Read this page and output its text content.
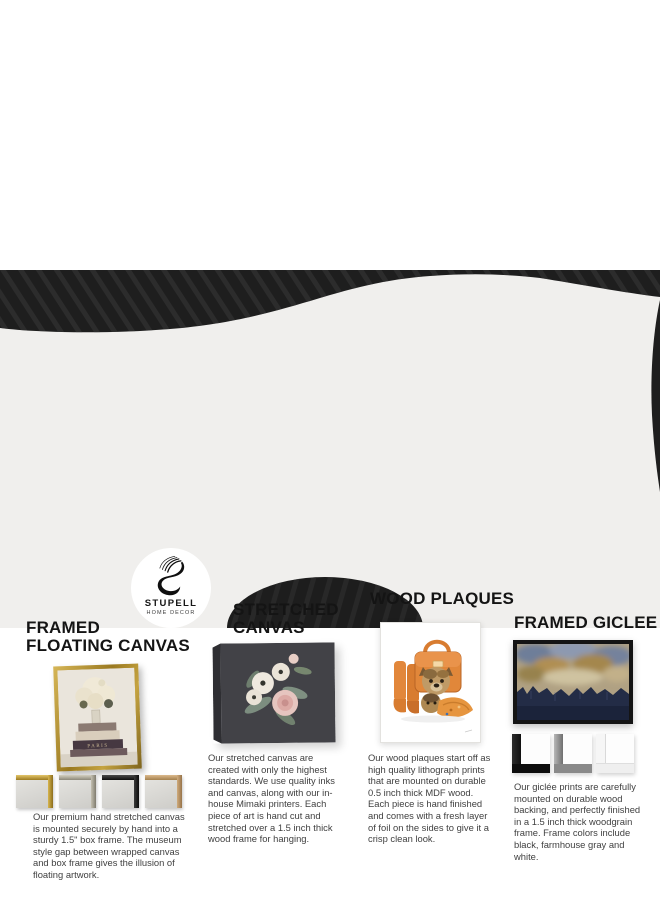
STUPELL
HOME DECOR
FRAMED
FLOATING CANVAS
PARIS

Our premium hand stretched canvas is mounted securely by hand into a sturdy 1.5" box frame. The museum style gap between wrapped canvas and box frame gives the illusion of floating artwork.

STRETCHED
CANVAS

Our stretched canvas are created with only the highest standards. We use quality inks and canvas, along with our in-house Mimaki printers. Each piece of art is hand cut and stretched over a 1.5 inch thick wood frame for hanging.

WOOD PLAQUES

Our wood plaques start off as high quality lithograph prints that are mounted on durable 0.5 inch thick MDF wood. Each piece is hand finished and comes with a fresh layer of foil on the sides to give it a crisp clean look.

FRAMED GICLEE

Our giclée prints are carefully mounted on durable wood backing, and perfectly finished in a 1.5 inch thick woodgrain frame. Frame colors include black, farmhouse gray and white.

All art arrives ready to hang.
